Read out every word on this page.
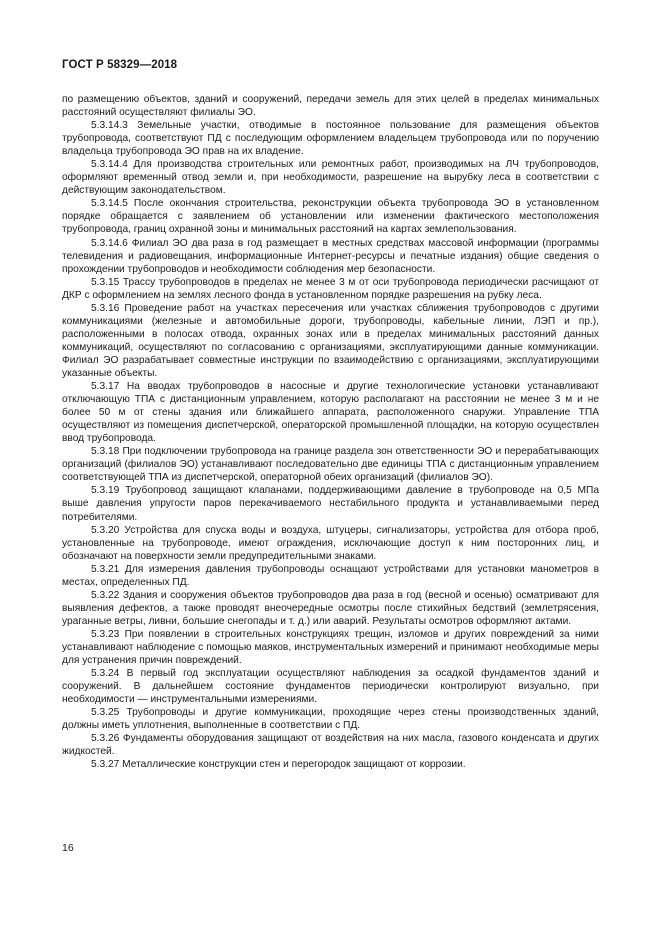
ГОСТ Р 58329—2018

по размещению объектов, зданий и сооружений, передачи земель для этих целей в пределах минимальных расстояний осуществляют филиалы ЭО.

5.3.14.3 Земельные участки, отводимые в постоянное пользование для размещения объектов трубопровода, соответствуют ПД с последующим оформлением владельцем трубопровода или по поручению владельца трубопровода ЭО прав на их владение.

5.3.14.4 Для производства строительных или ремонтных работ, производимых на ЛЧ трубопроводов, оформляют временный отвод земли и, при необходимости, разрешение на вырубку леса в соответствии с действующим законодательством.

5.3.14.5 После окончания строительства, реконструкции объекта трубопровода ЭО в установленном порядке обращается с заявлением об установлении или изменении фактического местоположения трубопровода, границ охранной зоны и минимальных расстояний на картах землепользования.

5.3.14.6 Филиал ЭО два раза в год размещает в местных средствах массовой информации (программы телевидения и радиовещания, информационные Интернет-ресурсы и печатные издания) общие сведения о прохождении трубопроводов и необходимости соблюдения мер безопасности.

5.3.15 Трассу трубопроводов в пределах не менее 3 м от оси трубопровода периодически расчищают от ДКР с оформлением на землях лесного фонда в установленном порядке разрешения на рубку леса.

5.3.16 Проведение работ на участках пересечения или участках сближения трубопроводов с другими коммуникациями (железные и автомобильные дороги, трубопроводы, кабельные линии, ЛЭП и пр.), расположенными в полосах отвода, охранных зонах или в пределах минимальных расстояний данных коммуникаций, осуществляют по согласованию с организациями, эксплуатирующими данные коммуникации. Филиал ЭО разрабатывает совместные инструкции по взаимодействию с организациями, эксплуатирующими указанные объекты.

5.3.17 На вводах трубопроводов в насосные и другие технологические установки устанавливают отключающую ТПА с дистанционным управлением, которую располагают на расстоянии не менее 3 м и не более 50 м от стены здания или ближайшего аппарата, расположенного снаружи. Управление ТПА осуществляют из помещения диспетчерской, операторской промышленной площадки, на которую осуществлен ввод трубопровода.

5.3.18 При подключении трубопровода на границе раздела зон ответственности ЭО и перерабатывающих организаций (филиалов ЭО) устанавливают последовательно две единицы ТПА с дистанционным управлением соответствующей ТПА из диспетчерской, операторной обеих организаций (филиалов ЭО).

5.3.19 Трубопровод защищают клапанами, поддерживающими давление в трубопроводе на 0,5 МПа выше давления упругости паров перекачиваемого нестабильного продукта и устанавливаемыми перед потребителями.

5.3.20 Устройства для спуска воды и воздуха, штуцеры, сигнализаторы, устройства для отбора проб, установленные на трубопроводе, имеют ограждения, исключающие доступ к ним посторонних лиц, и обозначают на поверхности земли предупредительными знаками.

5.3.21 Для измерения давления трубопроводы оснащают устройствами для установки манометров в местах, определенных ПД.

5.3.22 Здания и сооружения объектов трубопроводов два раза в год (весной и осенью) осматривают для выявления дефектов, а также проводят внеочередные осмотры после стихийных бедствий (землетрясения, ураганные ветры, ливни, большие снегопады и т. д.) или аварий. Результаты осмотров оформляют актами.

5.3.23 При появлении в строительных конструкциях трещин, изломов и других повреждений за ними устанавливают наблюдение с помощью маяков, инструментальных измерений и принимают необходимые меры для устранения причин повреждений.

5.3.24 В первый год эксплуатации осуществляют наблюдения за осадкой фундаментов зданий и сооружений. В дальнейшем состояние фундаментов периодически контролируют визуально, при необходимости — инструментальными измерениями.

5.3.25 Трубопроводы и другие коммуникации, проходящие через стены производственных зданий, должны иметь уплотнения, выполненные в соответствии с ПД.

5.3.26 Фундаменты оборудования защищают от воздействия на них масла, газового конденсата и других жидкостей.

5.3.27 Металлические конструкции стен и перегородок защищают от коррозии.

16
